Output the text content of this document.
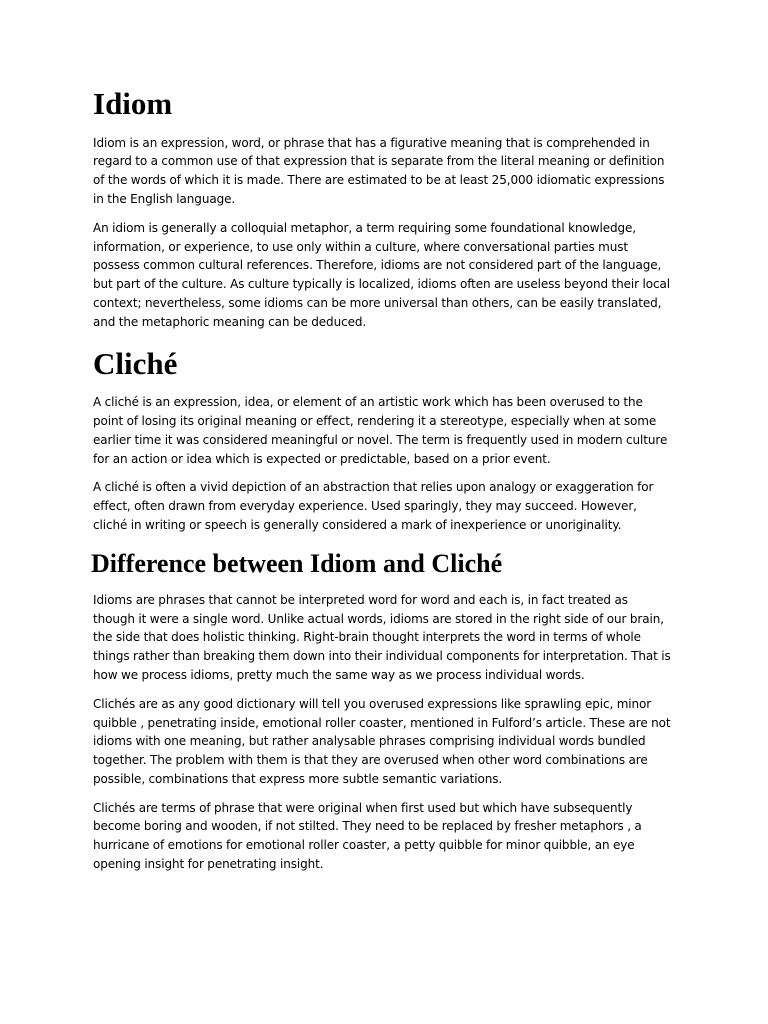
Idiom

Idiom is an expression, word, or phrase that has a figurative meaning that is comprehended in regard to a common use of that expression that is separate from the literal meaning or definition of the words of which it is made. There are estimated to be at least 25,000 idiomatic expressions in the English language.

An idiom is generally a colloquial metaphor, a term requiring some foundational knowledge, information, or experience, to use only within a culture, where conversational parties must possess common cultural references. Therefore, idioms are not considered part of the language, but part of the culture. As culture typically is localized, idioms often are useless beyond their local context; nevertheless, some idioms can be more universal than others, can be easily translated, and the metaphoric meaning can be deduced.

Cliché

A cliché is an expression, idea, or element of an artistic work which has been overused to the point of losing its original meaning or effect, rendering it a stereotype, especially when at some earlier time it was considered meaningful or novel. The term is frequently used in modern culture for an action or idea which is expected or predictable, based on a prior event.

A cliché is often a vivid depiction of an abstraction that relies upon analogy or exaggeration for effect, often drawn from everyday experience. Used sparingly, they may succeed. However, cliché in writing or speech is generally considered a mark of inexperience or unoriginality.

Difference between Idiom and Cliché

Idioms are phrases that cannot be interpreted word for word and each is, in fact treated as though it were a single word. Unlike actual words, idioms are stored in the right side of our brain, the side that does holistic thinking. Right-brain thought interprets the word in terms of whole things rather than breaking them down into their individual components for interpretation. That is how we process idioms, pretty much the same way as we process individual words.

Clichés are as any good dictionary will tell you overused expressions like sprawling epic, minor quibble , penetrating inside, emotional roller coaster, mentioned in Fulford’s article. These are not idioms with one meaning, but rather analysable phrases comprising individual words bundled together. The problem with them is that they are overused when other word combinations are possible, combinations that express more subtle semantic variations.

Clichés are terms of phrase that were original when first used but which have subsequently become boring and wooden, if not stilted. They need to be replaced by fresher metaphors , a hurricane of emotions for emotional roller coaster, a petty quibble for minor quibble, an eye opening insight for penetrating insight.
